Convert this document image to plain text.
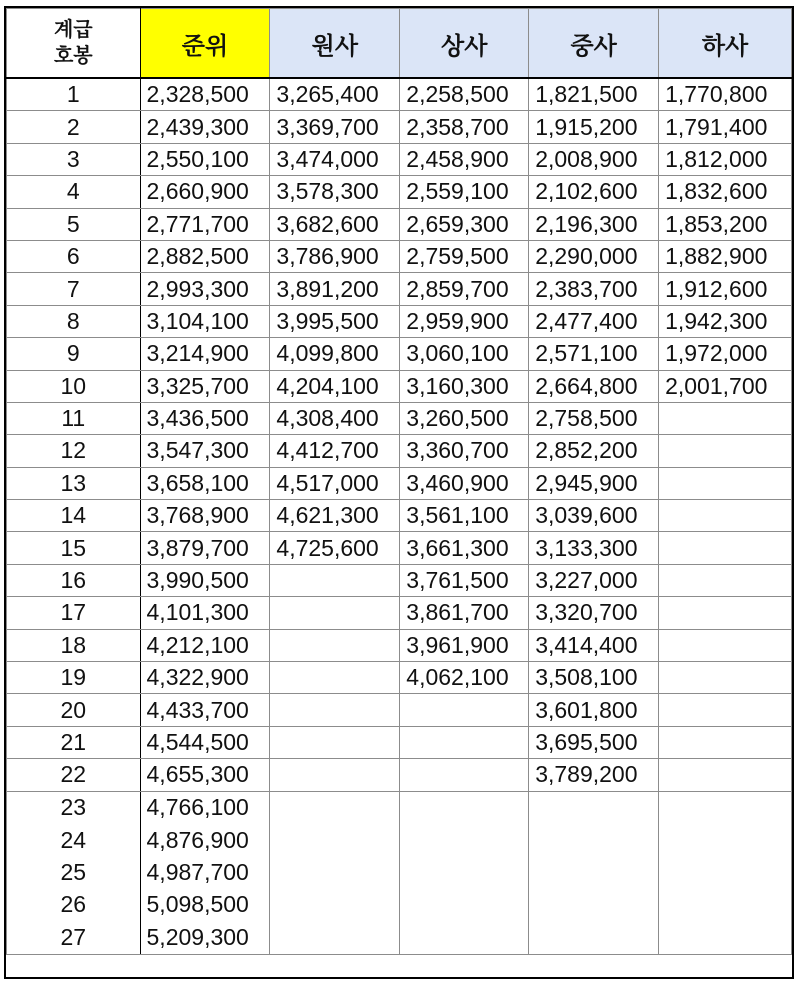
계급
호봉	준위	원사	상사	중사	하사
1	2,328,500	3,265,400	2,258,500	1,821,500	1,770,800
2	2,439,300	3,369,700	2,358,700	1,915,200	1,791,400
3	2,550,100	3,474,000	2,458,900	2,008,900	1,812,000
4	2,660,900	3,578,300	2,559,100	2,102,600	1,832,600
5	2,771,700	3,682,600	2,659,300	2,196,300	1,853,200
6	2,882,500	3,786,900	2,759,500	2,290,000	1,882,900
7	2,993,300	3,891,200	2,859,700	2,383,700	1,912,600
8	3,104,100	3,995,500	2,959,900	2,477,400	1,942,300
9	3,214,900	4,099,800	3,060,100	2,571,100	1,972,000
10	3,325,700	4,204,100	3,160,300	2,664,800	2,001,700
11	3,436,500	4,308,400	3,260,500	2,758,500	
12	3,547,300	4,412,700	3,360,700	2,852,200	
13	3,658,100	4,517,000	3,460,900	2,945,900	
14	3,768,900	4,621,300	3,561,100	3,039,600	
15	3,879,700	4,725,600	3,661,300	3,133,300	
16	3,990,500		3,761,500	3,227,000	
17	4,101,300		3,861,700	3,320,700	
18	4,212,100		3,961,900	3,414,400	
19	4,322,900		4,062,100	3,508,100	
20	4,433,700			3,601,800	
21	4,544,500			3,695,500	
22	4,655,300			3,789,200	
23	4,766,100				
24	4,876,900				
25	4,987,700				
26	5,098,500				
27	5,209,300				
